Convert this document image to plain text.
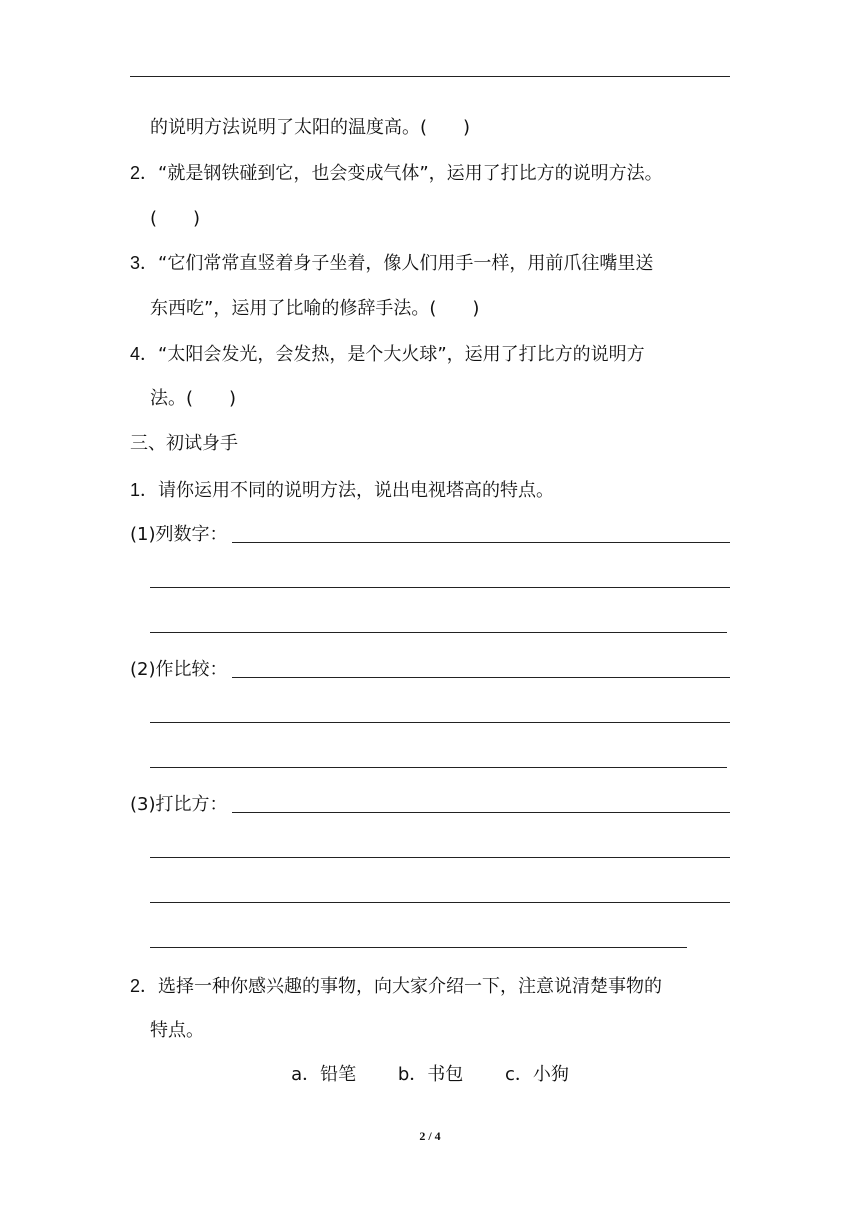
的说明方法说明了太阳的温度高。( )
2．“就是钢铁碰到它，也会变成气体”，运用了打比方的说明方法。
( )
3．“它们常常直竖着身子坐着，像人们用手一样，用前爪往嘴里送
东西吃”，运用了比喻的修辞手法。( )
4．“太阳会发光，会发热，是个大火球”，运用了打比方的说明方
法。( )
三、初试身手
1．请你运用不同的说明方法，说出电视塔高的特点。
(1)列数字：
(2)作比较：
(3)打比方：
2．选择一种你感兴趣的事物，向大家介绍一下，注意说清楚事物的
特点。
a．铅笔 b．书包 c．小狗
2 / 4
